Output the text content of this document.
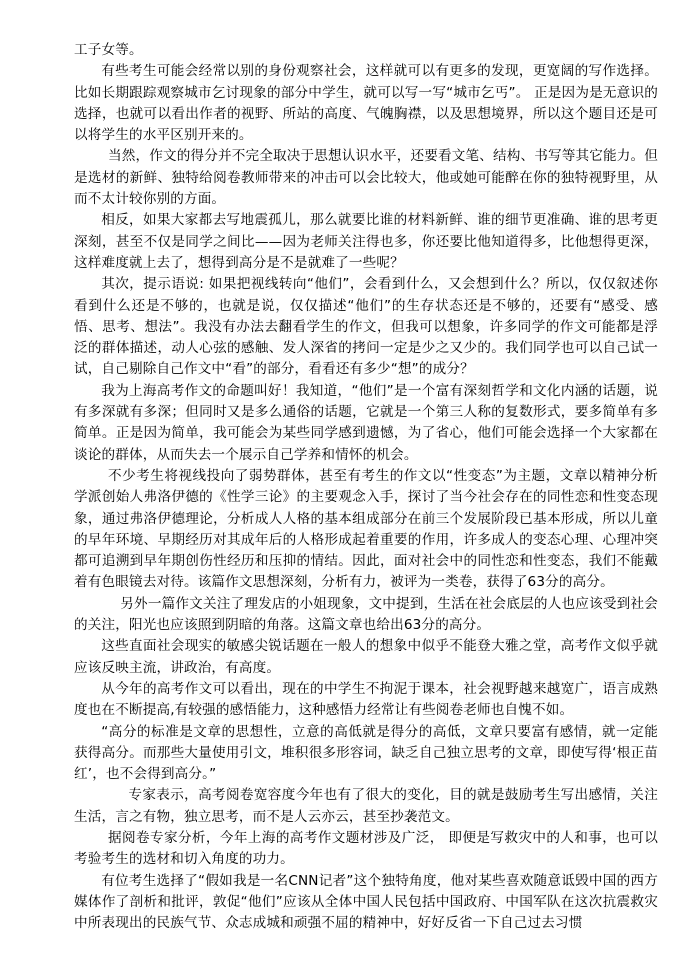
工子女等。

有些考生可能会经常以别的身份观察社会，这样就可以有更多的发现，更宽阔的写作选择。比如长期跟踪观察城市乞讨现象的部分中学生，就可以写一写“城市乞丐”。 正是因为是无意识的选择，也就可以看出作者的视野、所站的高度、气魄胸襟，以及思想境界，所以这个题目还是可以将学生的水平区别开来的。

当然，作文的得分并不完全取决于思想认识水平，还要看文笔、结构、书写等其它能力。但是选材的新鲜、独特给阅卷教师带来的冲击可以会比较大，他或她可能醉在你的独特视野里，从而不太计较你别的方面。

相反，如果大家都去写地震孤儿，那么就要比谁的材料新鲜、谁的细节更准确、谁的思考更深刻，甚至不仅是同学之间比——因为老师关注得也多，你还要比他知道得多，比他想得更深，这样难度就上去了，想得到高分是不是就难了一些呢？

其次，提示语说: 如果把视线转向“他们”，会看到什么，又会想到什么？所以，仅仅叙述你看到什么还是不够的，也就是说，仅仅描述“他们”的生存状态还是不够的，还要有“感受、感悟、思考、想法”。我没有办法去翻看学生的作文，但我可以想象，许多同学的作文可能都是浮泛的群体描述，动人心弦的感触、发人深省的拷问一定是少之又少的。我们同学也可以自己试一试，自己剔除自己作文中“看”的部分，看看还有多少“想”的成分？

我为上海高考作文的命题叫好！我知道，“他们”是一个富有深刻哲学和文化内涵的话题，说有多深就有多深；但同时又是多么通俗的话题，它就是一个第三人称的复数形式，要多简单有多简单。正是因为简单，我可能会为某些同学感到遗憾，为了省心，他们可能会选择一个大家都在谈论的群体，从而失去一个展示自己学养和情怀的机会。

不少考生将视线投向了弱势群体，甚至有考生的作文以“性变态”为主题，文章以精神分析学派创始人弗洛伊德的《性学三论》的主要观念入手，探讨了当今社会存在的同性恋和性变态现象，通过弗洛伊德理论，分析成人人格的基本组成部分在前三个发展阶段已基本形成，所以儿童的早年环境、早期经历对其成年后的人格形成起着重要的作用，许多成人的变态心理、心理冲突都可追溯到早年期创伤性经历和压抑的情结。因此，面对社会中的同性恋和性变态，我们不能戴着有色眼镜去对待。该篇作文思想深刻，分析有力，被评为一类卷，获得了63分的高分。

另外一篇作文关注了理发店的小姐现象，文中提到，生活在社会底层的人也应该受到社会的关注，阳光也应该照到阴暗的角落。这篇文章也给出63分的高分。

这些直面社会现实的敏感尖锐话题在一般人的想象中似乎不能登大雅之堂，高考作文似乎就应该反映主流，讲政治，有高度。

从今年的高考作文可以看出，现在的中学生不拘泥于课本，社会视野越来越宽广，语言成熟度也在不断提高,有较强的感悟能力，这种感悟力经常让有些阅卷老师也自愧不如。

“高分的标准是文章的思想性，立意的高低就是得分的高低，文章只要富有感情，就一定能获得高分。而那些大量使用引文，堆积很多形容词，缺乏自己独立思考的文章，即使写得‘根正苗红’，也不会得到高分。”

专家表示，高考阅卷宽容度今年也有了很大的变化，目的就是鼓励考生写出感情，关注生活，言之有物，独立思考，而不是人云亦云，甚至抄袭范文。

据阅卷专家分析，今年上海的高考作文题材涉及广泛， 即便是写救灾中的人和事，也可以考验考生的选材和切入角度的功力。

有位考生选择了“假如我是一名CNN记者”这个独特角度，他对某些喜欢随意诋毁中国的西方媒体作了剖析和批评，敦促“他们”应该从全体中国人民包括中国政府、中国军队在这次抗震救灾中所表现出的民族气节、众志成城和顽强不屈的精神中，好好反省一下自己过去习惯
